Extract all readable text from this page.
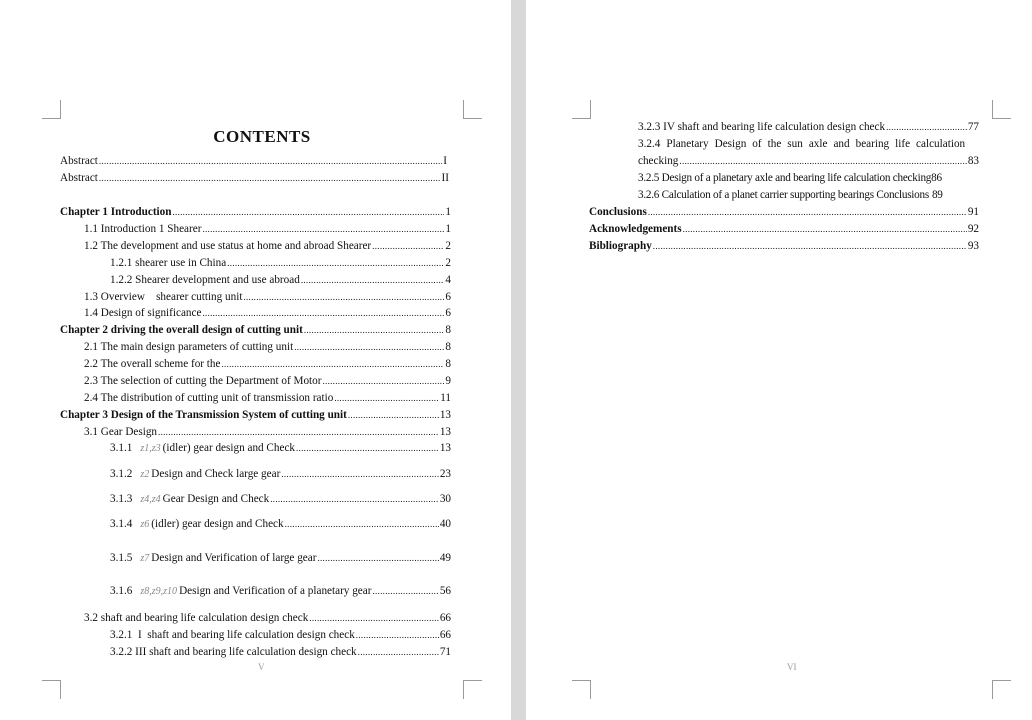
CONTENTS
Abstract .....	I
Abstract .....	II
Chapter 1 Introduction .....	1
1.1 Introduction 1 Shearer .....	1
1.2 The development and use status at home and abroad Shearer .....	2
1.2.1 shearer use in China .....	2
1.2.2 Shearer development and use abroad .....	4
1.3 Overview    shearer cutting unit .....	6
1.4 Design of significance .....	6
Chapter 2 driving the overall design of cutting unit .....	8
2.1 The main design parameters of cutting unit .....	8
2.2 The overall scheme for the .....	8
2.3 The selection of cutting the Department of Motor .....	9
2.4 The distribution of cutting unit of transmission ratio .....	11
Chapter 3 Design of the Transmission System of cutting unit .....	13
3.1 Gear Design .....	13
3.1.1 z1,z3 (idler) gear design and Check .....	13
3.1.2 z2 Design and Check large gear .....	23
3.1.3 z4,z4 Gear Design and Check .....	30
3.1.4 z6 (idler) gear design and Check .....	40
3.1.5 z7 Design and Verification of large gear .....	49
3.1.6 z8,z9,z10 Design and Verification of a planetary gear .....	56
3.2 shaft and bearing life calculation design check .....	66
3.2.1  I  shaft and bearing life calculation design check .....	66
3.2.2 III shaft and bearing life calculation design check .....	71
V
3.2.3 IV shaft and bearing life calculation design check .....	77
3.2.4 Planetary Design of the sun axle and bearing life calculation
checking .....	83
3.2.5 Design of a planetary axle and bearing life calculation checking 86
3.2.6 Calculation of a planet carrier supporting bearings Conclusions 89
Conclusions .....	91
Acknowledgements .....	92
Bibliography .....	93
VI
